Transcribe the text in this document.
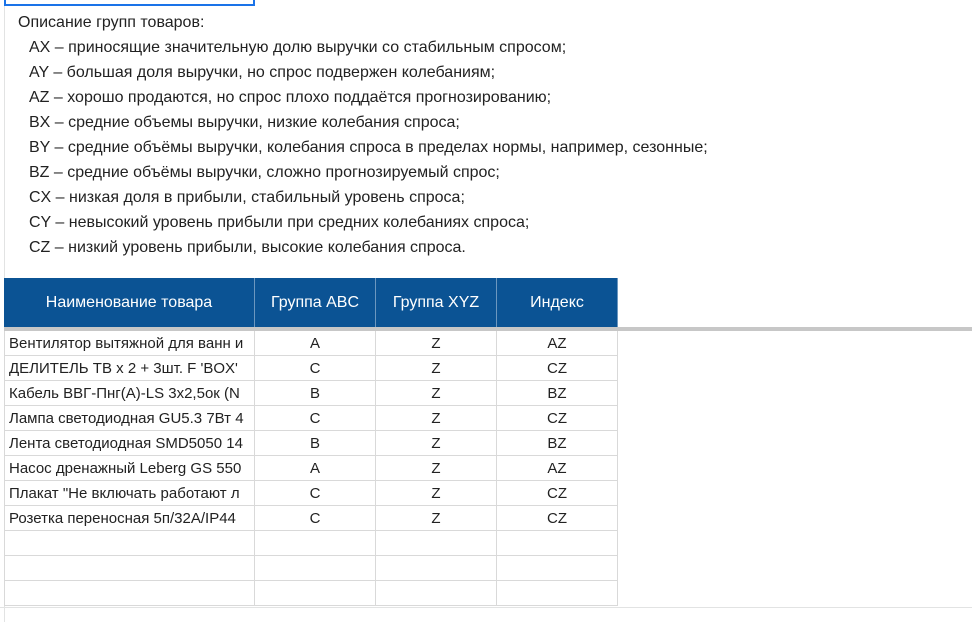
Описание групп товаров:
AX – приносящие значительную долю выручки со стабильным спросом;
AY – большая доля выручки, но спрос подвержен колебаниям;
AZ – хорошо продаются, но спрос плохо поддаётся прогнозированию;
BX – средние объемы выручки, низкие колебания спроса;
BY – средние объёмы выручки, колебания спроса в пределах нормы, например, сезонные;
BZ – средние объёмы выручки, сложно прогнозируемый спрос;
CX – низкая доля в прибыли, стабильный уровень спроса;
CY – невысокий уровень прибыли при средних колебаниях спроса;
CZ – низкий уровень прибыли, высокие колебания спроса.
Наименование товара	Группа ABC	Группа XYZ	Индекс
Вентилятор вытяжной для ванн и	A	Z	AZ
ДЕЛИТЕЛЬ ТВ х 2 + 3шт. F 'BOX'	C	Z	CZ
Кабель ВВГ-Пнг(А)-LS 3х2,5ок (N	B	Z	BZ
Лампа светодиодная GU5.3 7Вт 4	C	Z	CZ
Лента светодиодная SMD5050 14	B	Z	BZ
Насос дренажный Leberg GS 550	A	Z	AZ
Плакат "Не включать работают л	C	Z	CZ
Розетка переносная 5п/32А/IP44	C	Z	CZ
